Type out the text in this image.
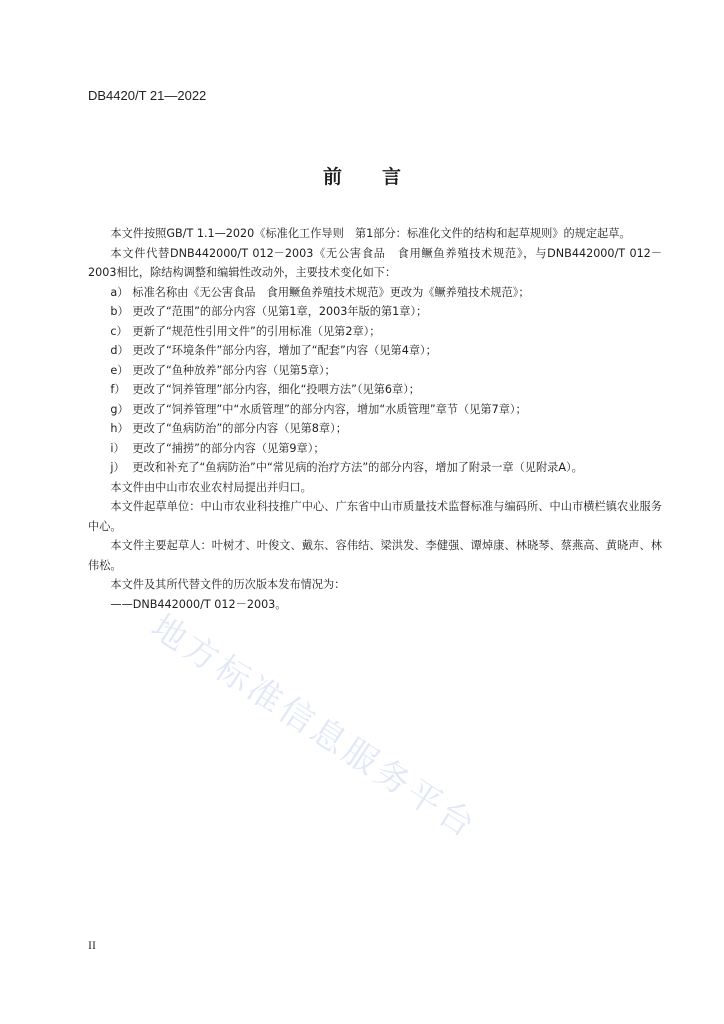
DB4420/T 21—2022
前言

本文件按照GB/T 1.1—2020《标准化工作导则　第1部分：标准化文件的结构和起草规则》的规定起草。

本文件代替DNB442000/T 012－2003《无公害食品　食用鳜鱼养殖技术规范》，与DNB442000/T 012－2003相比，除结构调整和编辑性改动外，主要技术变化如下：

a） 标准名称由《无公害食品　食用鳜鱼养殖技术规范》更改为《鳜养殖技术规范》；

b） 更改了“范围”的部分内容（见第1章，2003年版的第1章）；

c） 更新了“规范性引用文件”的引用标准（见第2章）；

d） 更改了“环境条件”部分内容，增加了“配套”内容（见第4章）；

e） 更改了“鱼种放养”部分内容（见第5章）；

f） 更改了“饲养管理”部分内容，细化“投喂方法”（见第6章）；

g） 更改了“饲养管理”中“水质管理”的部分内容，增加“水质管理”章节（见第7章）；

h） 更改了“鱼病防治”的部分内容（见第8章）；

i） 更改了“捕捞”的部分内容（见第9章）；

j） 更改和补充了“鱼病防治”中“常见病的治疗方法”的部分内容，增加了附录一章（见附录A）。

本文件由中山市农业农村局提出并归口。

本文件起草单位：中山市农业科技推广中心、广东省中山市质量技术监督标准与编码所、中山市横栏镇农业服务中心。

本文件主要起草人：叶树才、叶俊文、戴东、容伟结、梁洪发、李健强、谭焯康、林晓琴、蔡燕高、黄晓声、林伟松。

本文件及其所代替文件的历次版本发布情况为：

——DNB442000/T 012－2003。

地方标准信息服务平台
II
